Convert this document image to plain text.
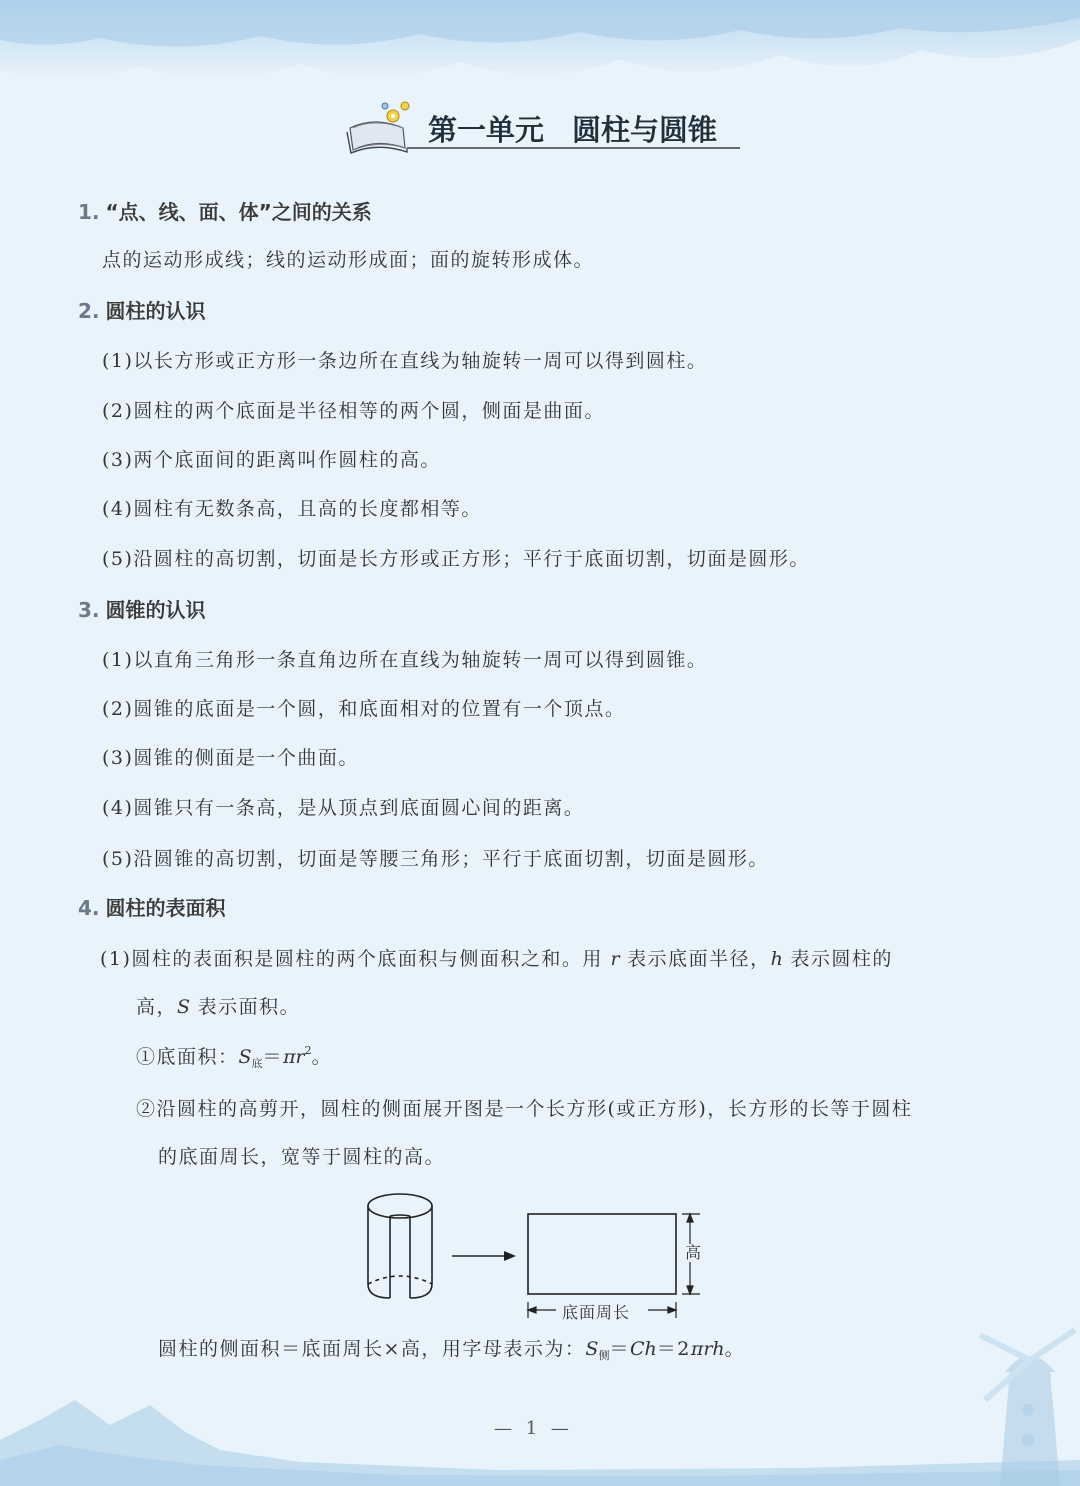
第一单元 圆柱与圆锥

1. “点、线、面、体”之间的关系

点的运动形成线；线的运动形成面；面的旋转形成体。

2. 圆柱的认识

(1)以长方形或正方形一条边所在直线为轴旋转一周可以得到圆柱。

(2)圆柱的两个底面是半径相等的两个圆，侧面是曲面。

(3)两个底面间的距离叫作圆柱的高。

(4)圆柱有无数条高，且高的长度都相等。

(5)沿圆柱的高切割，切面是长方形或正方形；平行于底面切割，切面是圆形。

3. 圆锥的认识

(1)以直角三角形一条直角边所在直线为轴旋转一周可以得到圆锥。

(2)圆锥的底面是一个圆，和底面相对的位置有一个顶点。

(3)圆锥的侧面是一个曲面。

(4)圆锥只有一条高，是从顶点到底面圆心间的距离。

(5)沿圆锥的高切割，切面是等腰三角形；平行于底面切割，切面是圆形。

4. 圆柱的表面积

(1)圆柱的表面积是圆柱的两个底面积与侧面积之和。用 r 表示底面半径，h 表示圆柱的

高，S 表示面积。

①底面积：$S_底=\pi r^2$。

②沿圆柱的高剪开，圆柱的侧面展开图是一个长方形(或正方形)，长方形的长等于圆柱

的底面周长，宽等于圆柱的高。

高

底面周长

圆柱的侧面积＝底面周长×高，用字母表示为：$S_侧=Ch=2\pi rh$。

— 1 —
